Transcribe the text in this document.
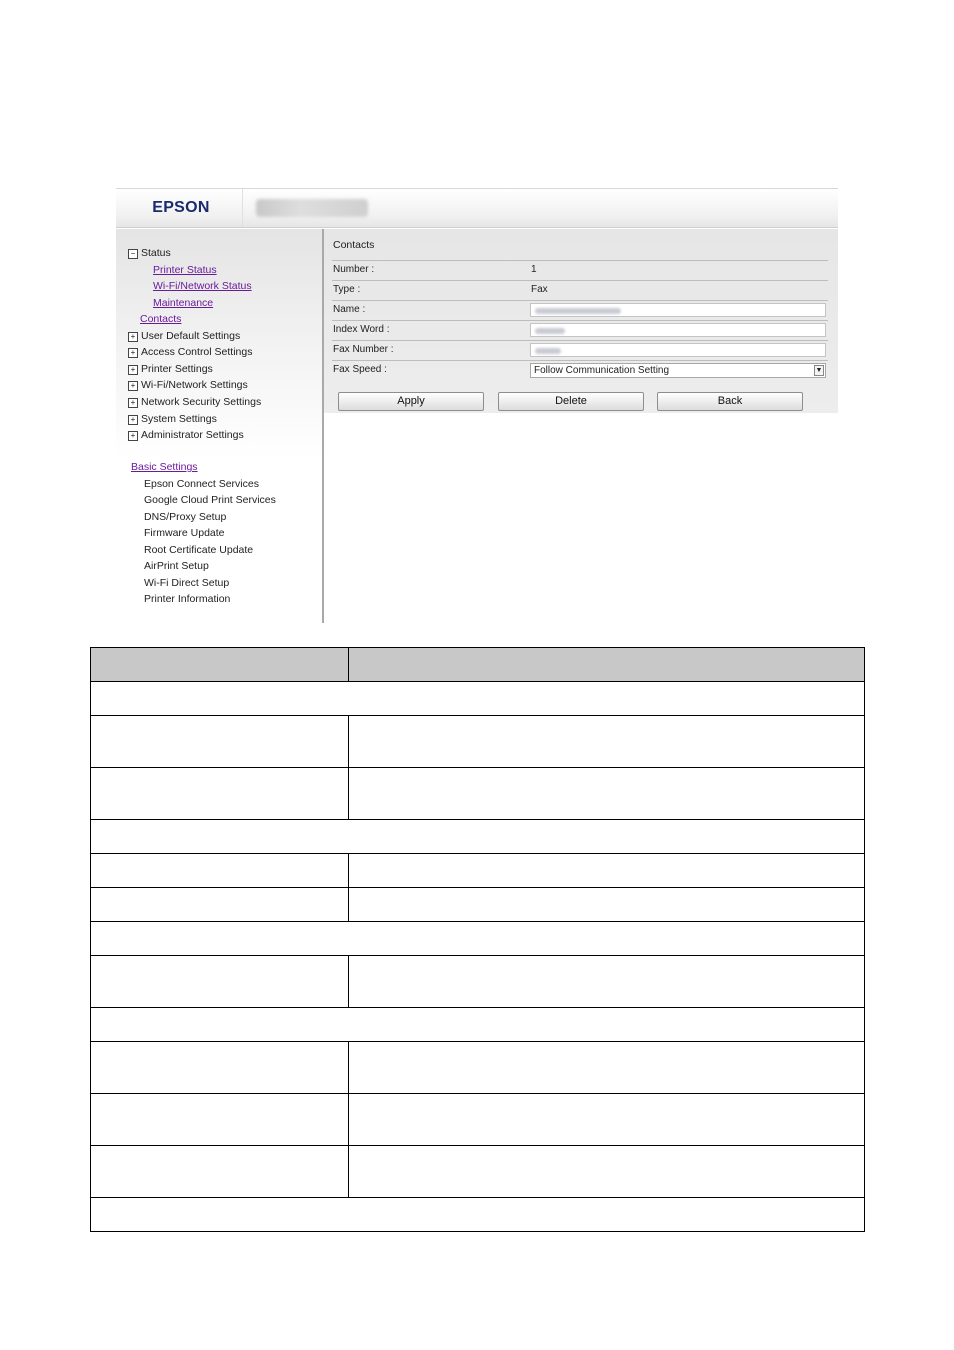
EPSON
− Status
Printer Status
Wi-Fi/Network Status
Maintenance
Contacts
+ User Default Settings
+ Access Control Settings
+ Printer Settings
+ Wi-Fi/Network Settings
+ Network Security Settings
+ System Settings
+ Administrator Settings
Basic Settings
Epson Connect Services
Google Cloud Print Services
DNS/Proxy Setup
Firmware Update
Root Certificate Update
AirPrint Setup
Wi-Fi Direct Setup
Printer Information
Contacts
Number :	1
Type :	Fax
Name :
Index Word :
Fax Number :
Fax Speed :	Follow Communication Setting	▼
Apply	Delete	Back
